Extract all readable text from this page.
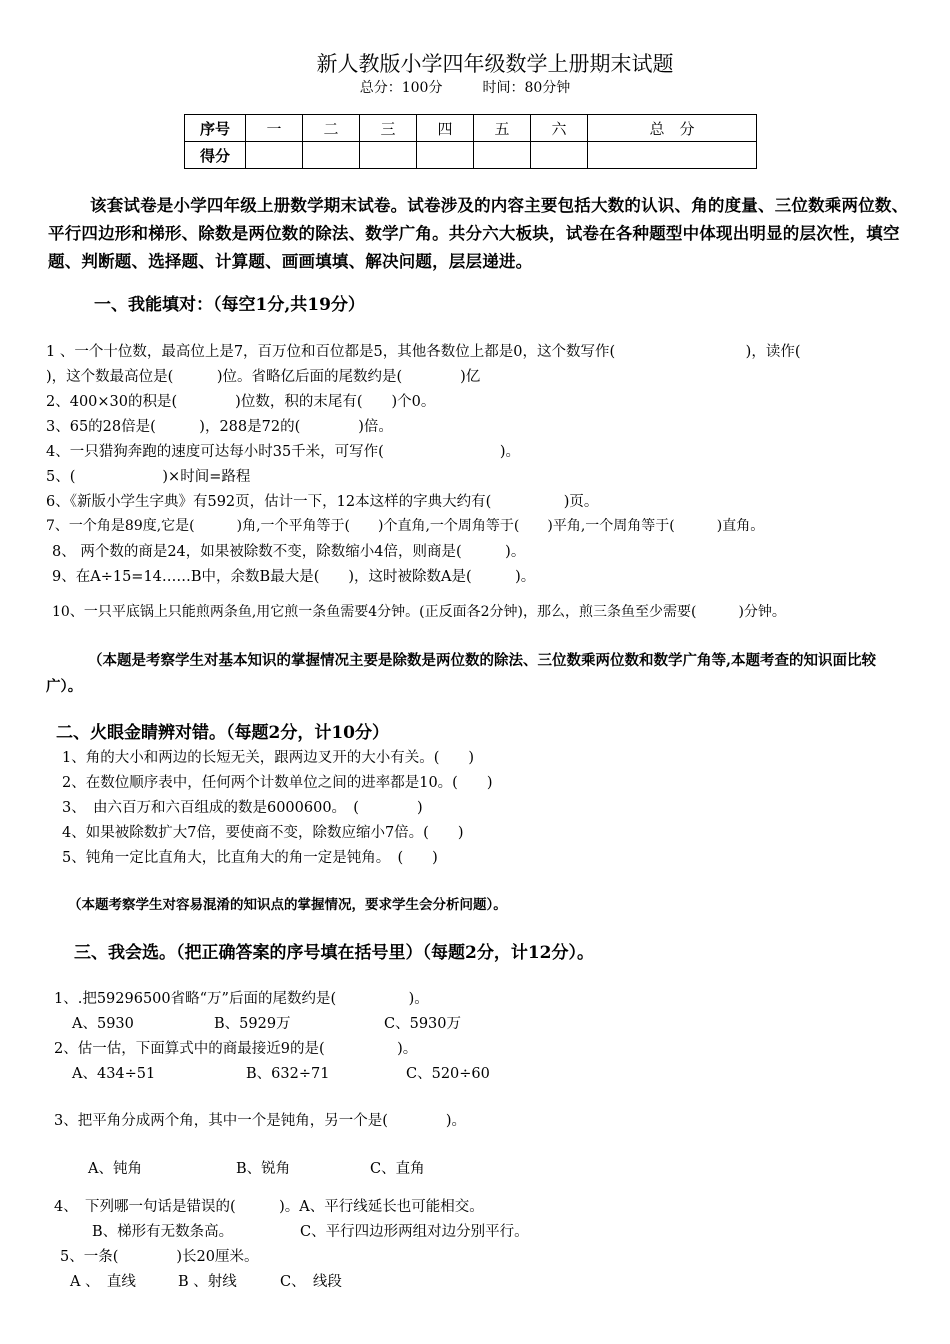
新人教版小学四年级数学上册期末试题
总分：100分	时间：80分钟
序号	一	二	三	四	五	六	总　分
得分							
该套试卷是小学四年级上册数学期末试卷。试卷涉及的内容主要包括大数的认识、角的度量、三位数乘两位数、平行四边形和梯形、除数是两位数的除法、数学广角。共分六大板块，试卷在各种题型中体现出明显的层次性，填空题、判断题、选择题、计算题、画画填填、解决问题，层层递进。
一、我能填对：（每空1分,共19分）
1 、一个十位数，最高位上是7，百万位和百位都是5，其他各数位上都是0，这个数写作(　　　　　　　　　)，读作(
)，这个数最高位是(　　　)位。省略亿后面的尾数约是(　　　　)亿
2、400×30的积是(　　　　)位数，积的末尾有(　　)个0。
3、65的28倍是(　　　)，288是72的(　　　　)倍。
4、一只猎狗奔跑的速度可达每小时35千米，可写作(　　　　　　　　)。
5、(　　　　　　)×时间=路程
6、《新版小学生字典》有592页，估计一下，12本这样的字典大约有(　　　　　)页。
7、一个角是89度,它是(　　　)角,一个平角等于(　　)个直角,一个周角等于(　　)平角,一个周角等于(　　　)直角。
8、 两个数的商是24，如果被除数不变，除数缩小4倍，则商是(　　　)。
9、在A÷15=14……B中，余数B最大是(　　)，这时被除数A是(　　　)。
10、一只平底锅上只能煎两条鱼,用它煎一条鱼需要4分钟。(正反面各2分钟)，那么，煎三条鱼至少需要(　　　)分钟。
（本题是考察学生对基本知识的掌握情况主要是除数是两位数的除法、三位数乘两位数和数学广角等,本题考查的知识面比较广）。
二、火眼金睛辨对错。（每题2分，计10分）
1、角的大小和两边的长短无关，跟两边叉开的大小有关。(　　)
2、在数位顺序表中，任何两个计数单位之间的进率都是10。(　　)
3、　由六百万和六百组成的数是6000600。　(　　　　)
4、如果被除数扩大7倍，要使商不变，除数应缩小7倍。(　　)
5、钝角一定比直角大，比直角大的角一定是钝角。　(　　)
（本题考察学生对容易混淆的知识点的掌握情况，要求学生会分析问题）。
三、我会选。（把正确答案的序号填在括号里）（每题2分，计12分）。
1、.把59296500省略“万”后面的尾数约是(　　　　　)。
A、5930	B、5929万	C、5930万
2、估一估，下面算式中的商最接近9的是(　　　　　)。
A、434÷51	B、632÷71	C、520÷60
3、把平角分成两个角，其中一个是钝角，另一个是(　　　　)。
A、钝角	B、锐角	C、直角
4、　下列哪一句话是错误的(　　　)。A、平行线延长也可能相交。
B、梯形有无数条高。	C、平行四边形两组对边分别平行。
5、一条(　　　　)长20厘米。
A 、　直线	B 、射线	C、　线段
